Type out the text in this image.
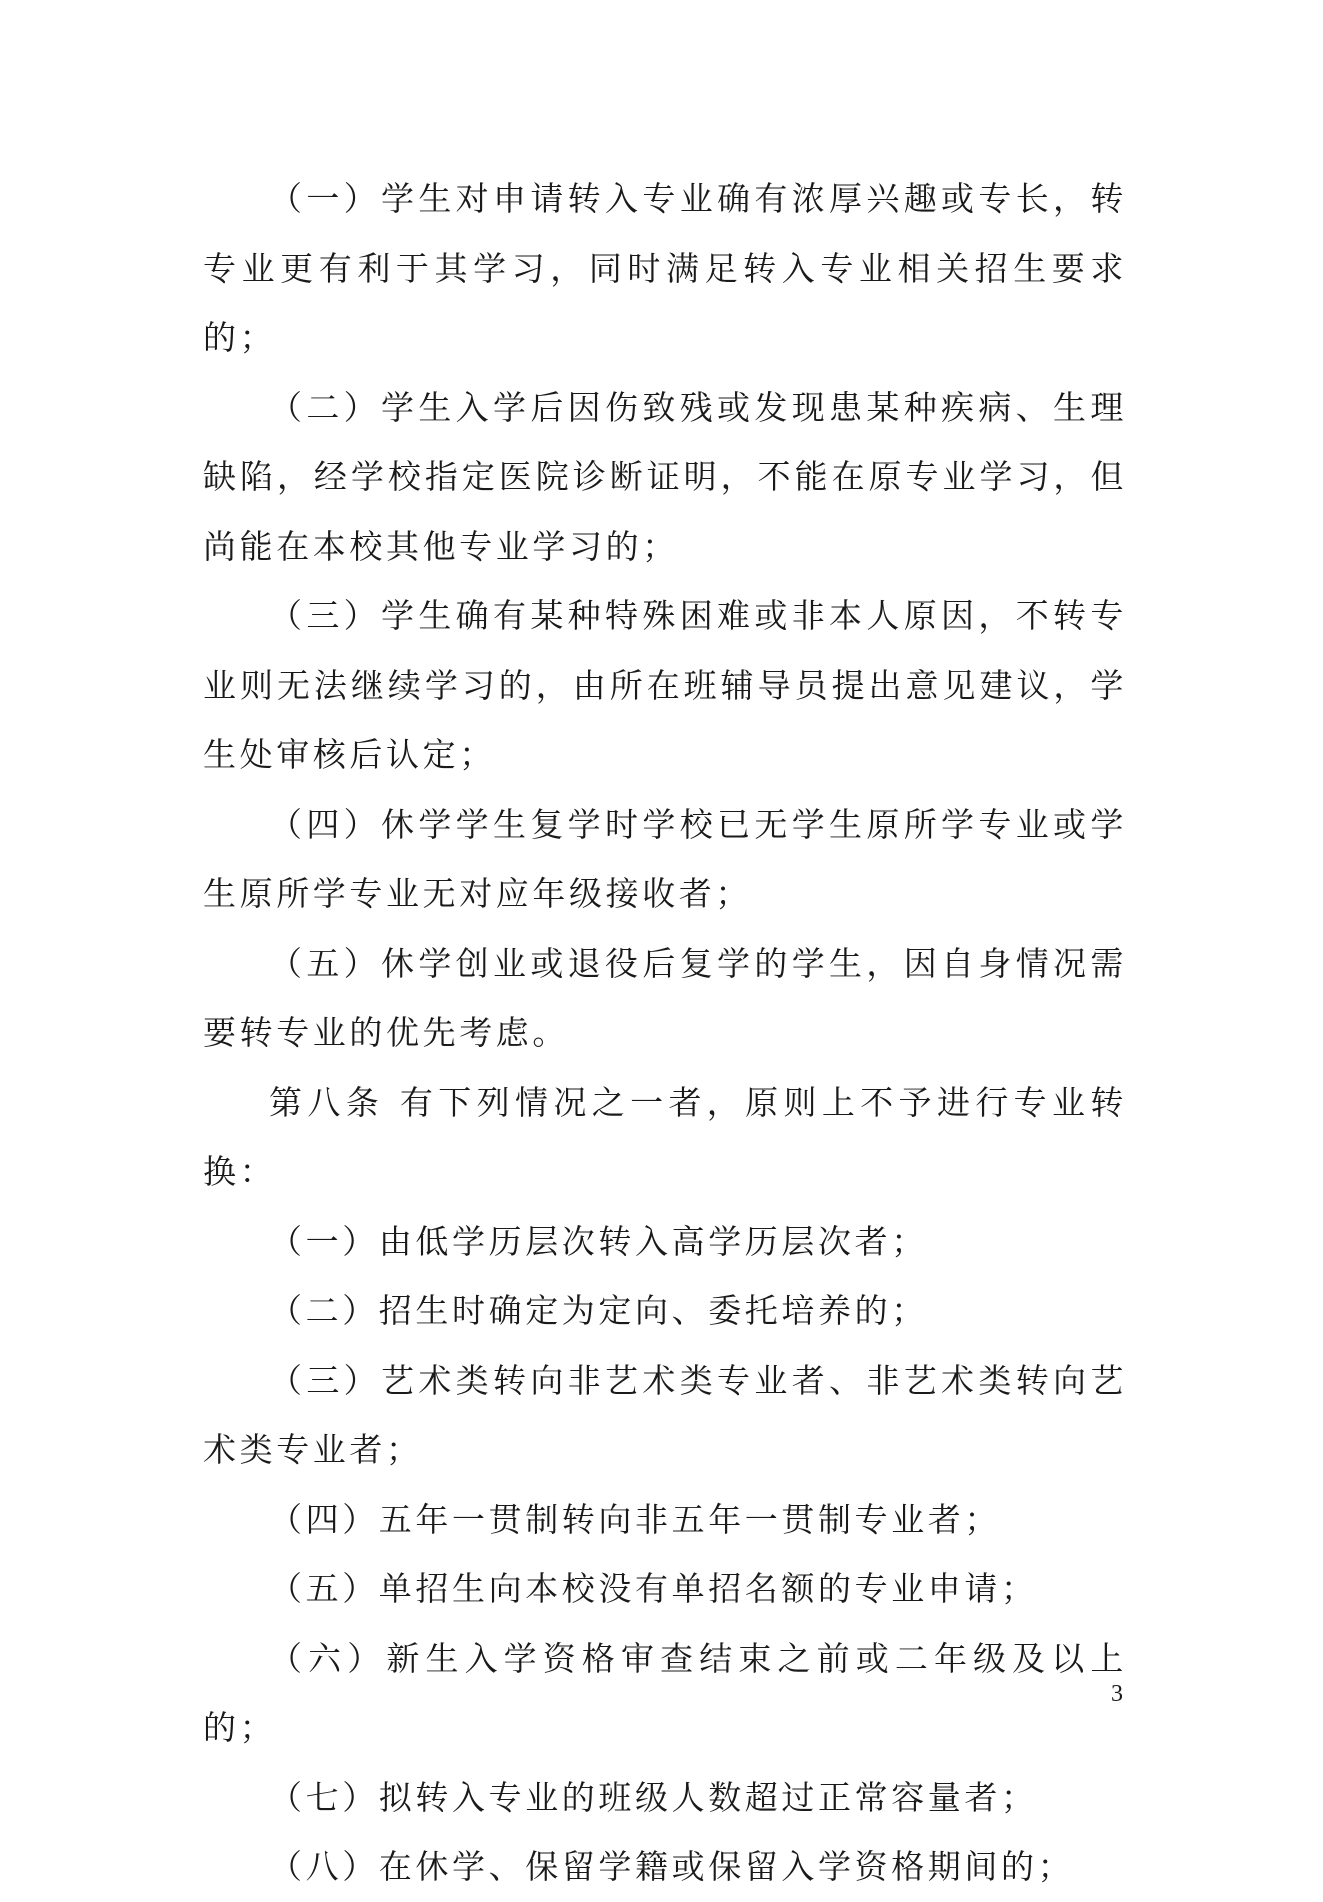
（一）学生对申请转入专业确有浓厚兴趣或专长，转专业更有利于其学习，同时满足转入专业相关招生要求的；

（二）学生入学后因伤致残或发现患某种疾病、生理缺陷，经学校指定医院诊断证明，不能在原专业学习，但尚能在本校其他专业学习的；

（三）学生确有某种特殊困难或非本人原因，不转专业则无法继续学习的，由所在班辅导员提出意见建议，学生处审核后认定；

（四）休学学生复学时学校已无学生原所学专业或学生原所学专业无对应年级接收者；

（五）休学创业或退役后复学的学生，因自身情况需要转专业的优先考虑。

第八条 有下列情况之一者，原则上不予进行专业转换：

（一）由低学历层次转入高学历层次者；

（二）招生时确定为定向、委托培养的；

（三）艺术类转向非艺术类专业者、非艺术类转向艺术类专业者；

（四）五年一贯制转向非五年一贯制专业者；

（五）单招生向本校没有单招名额的专业申请；

（六）新生入学资格审查结束之前或二年级及以上的；

（七）拟转入专业的班级人数超过正常容量者；

（八）在休学、保留学籍或保留入学资格期间的；

3
